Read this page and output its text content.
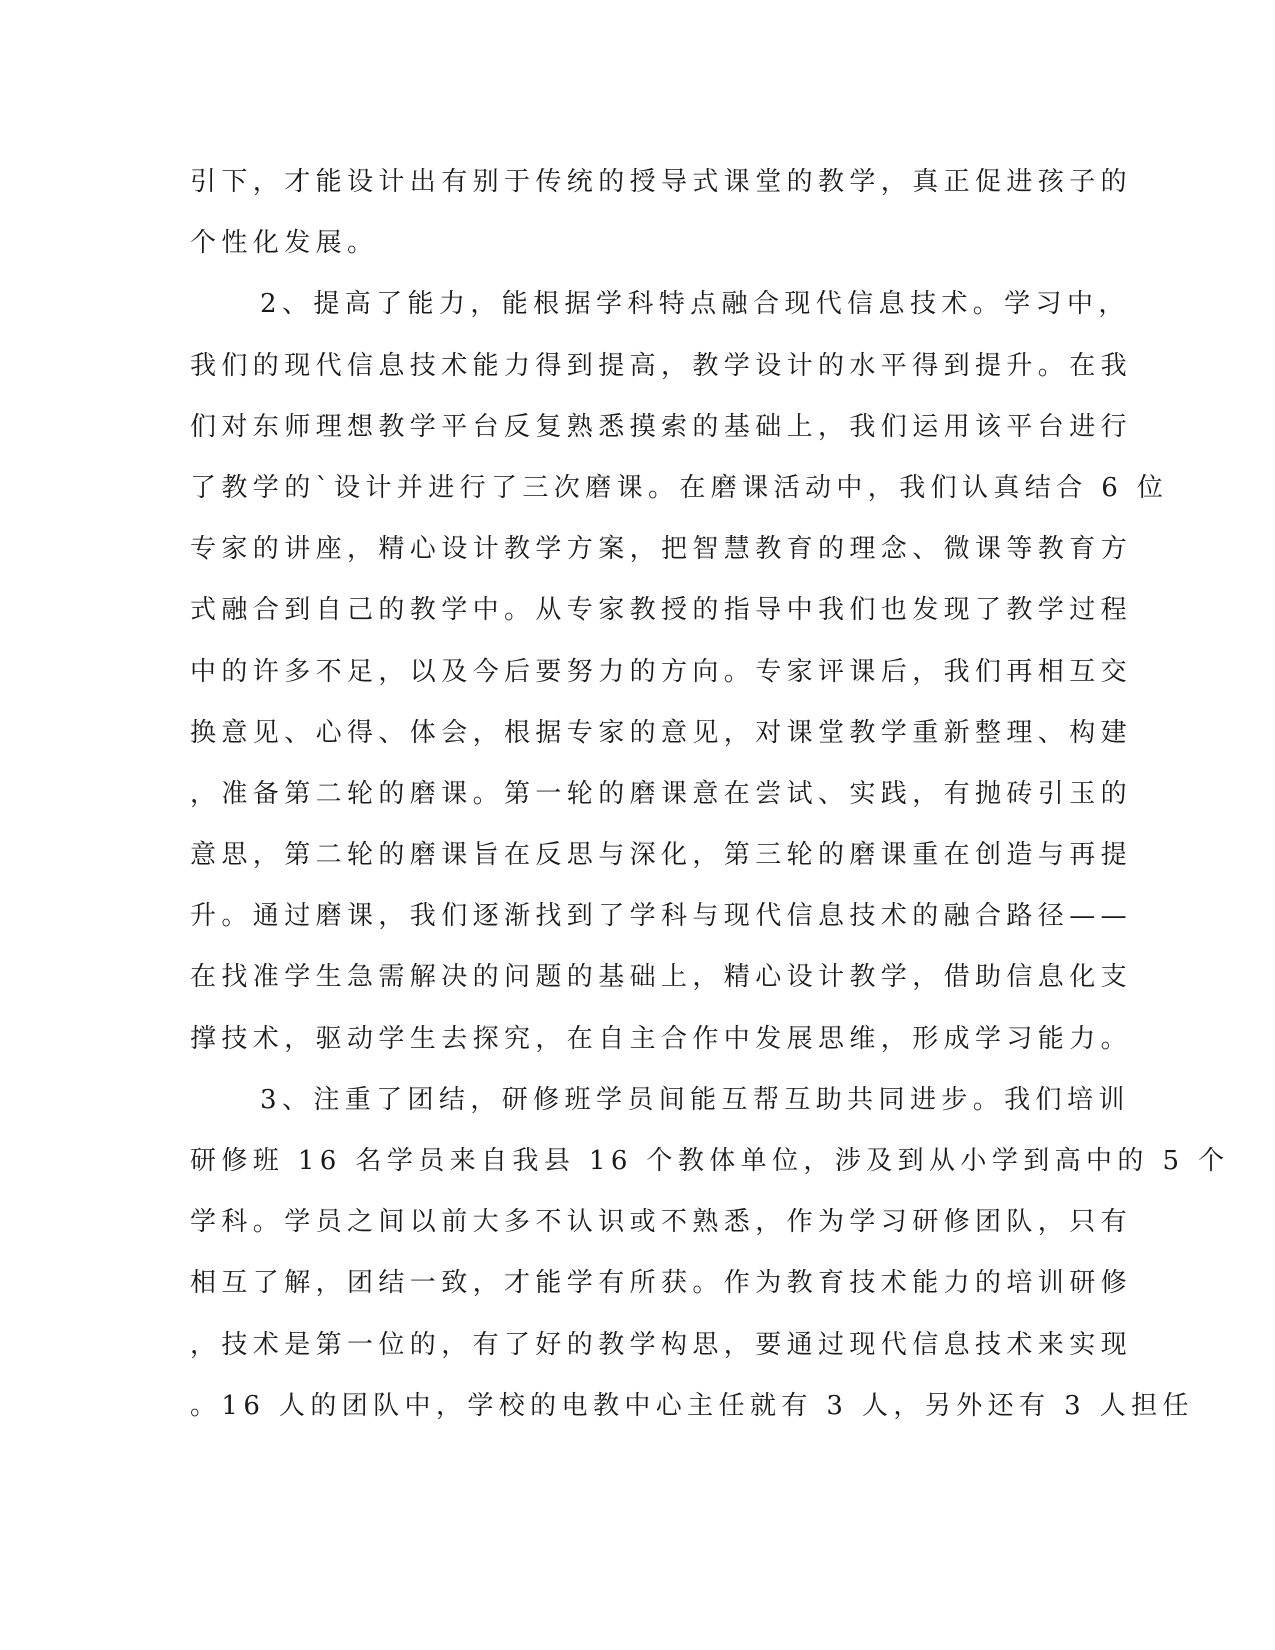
引下，才能设计出有别于传统的授导式课堂的教学，真正促进孩子的
个性化发展。
2、提高了能力，能根据学科特点融合现代信息技术。学习中，
我们的现代信息技术能力得到提高，教学设计的水平得到提升。在我
们对东师理想教学平台反复熟悉摸索的基础上，我们运用该平台进行
了教学的`设计并进行了三次磨课。在磨课活动中，我们认真结合 6 位
专家的讲座，精心设计教学方案，把智慧教育的理念、微课等教育方
式融合到自己的教学中。从专家教授的指导中我们也发现了教学过程
中的许多不足，以及今后要努力的方向。专家评课后，我们再相互交
换意见、心得、体会，根据专家的意见，对课堂教学重新整理、构建
，准备第二轮的磨课。第一轮的磨课意在尝试、实践，有抛砖引玉的
意思，第二轮的磨课旨在反思与深化，第三轮的磨课重在创造与再提
升。通过磨课，我们逐渐找到了学科与现代信息技术的融合路径——
在找准学生急需解决的问题的基础上，精心设计教学，借助信息化支
撑技术，驱动学生去探究，在自主合作中发展思维，形成学习能力。
3、注重了团结，研修班学员间能互帮互助共同进步。我们培训
研修班 16 名学员来自我县 16 个教体单位，涉及到从小学到高中的 5 个
学科。学员之间以前大多不认识或不熟悉，作为学习研修团队，只有
相互了解，团结一致，才能学有所获。作为教育技术能力的培训研修
，技术是第一位的，有了好的教学构思，要通过现代信息技术来实现
。16 人的团队中，学校的电教中心主任就有 3 人，另外还有 3 人担任
